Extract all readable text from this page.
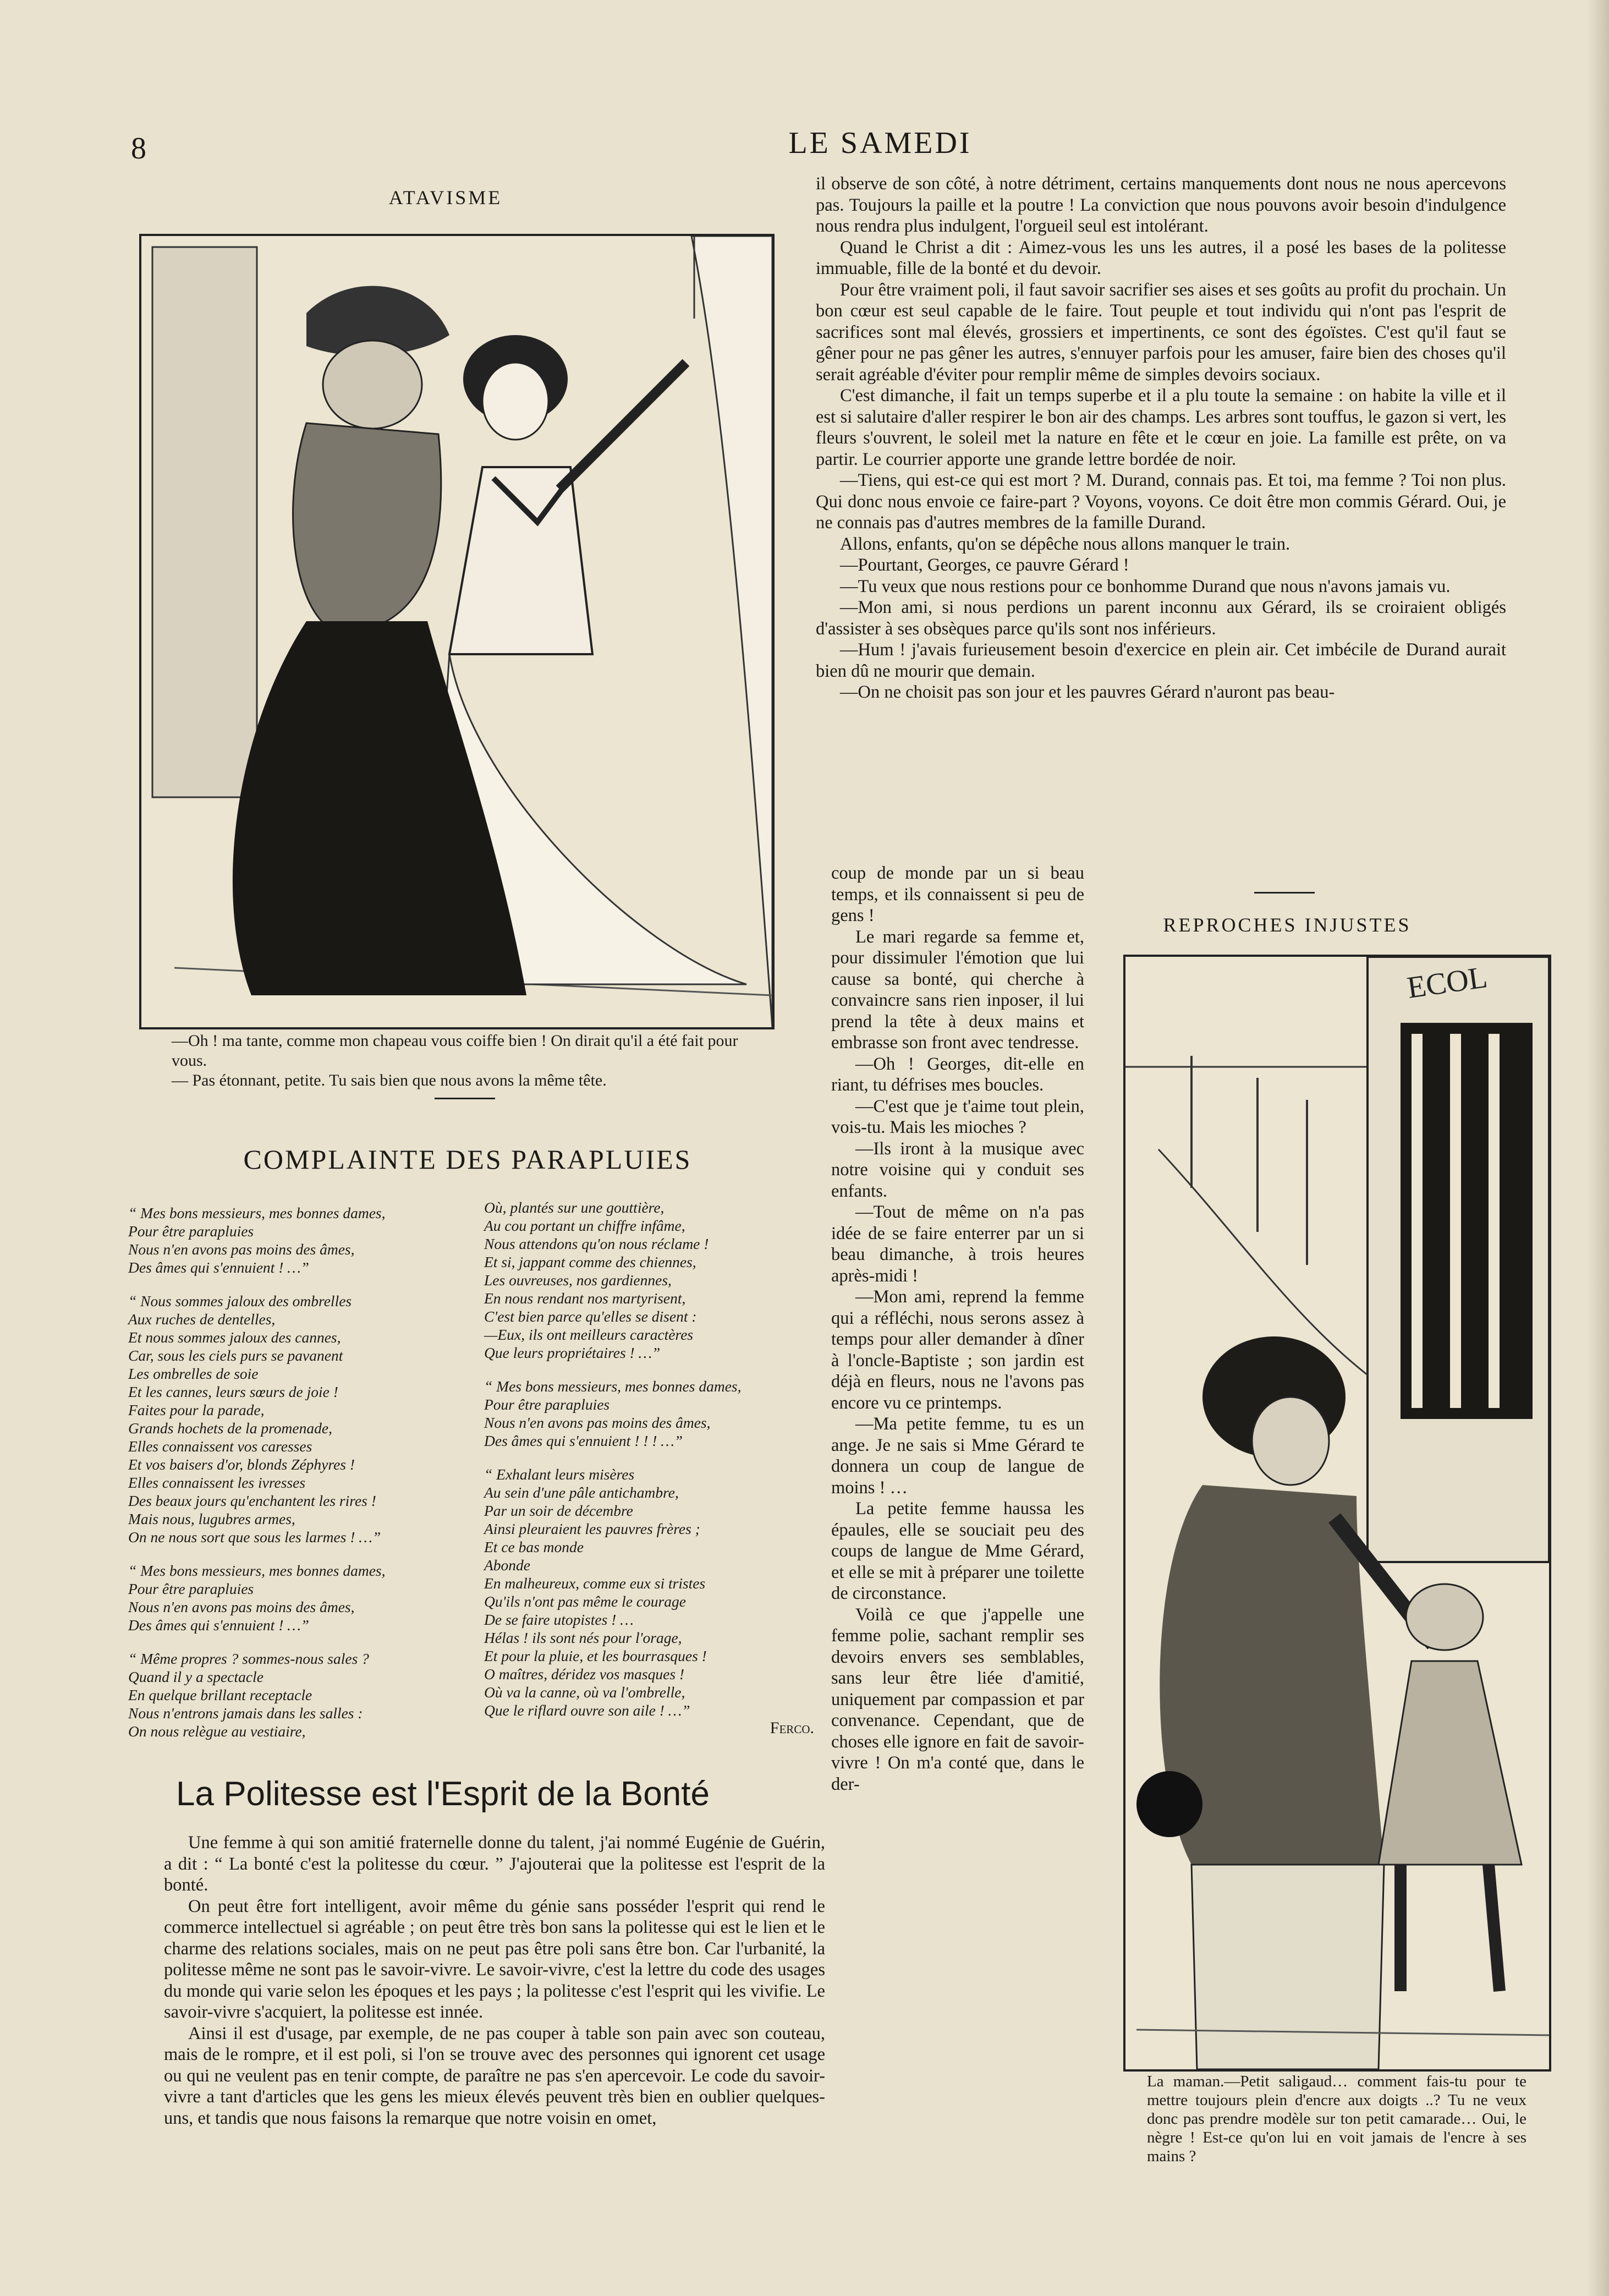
8	LE SAMEDI
ATAVISME
—Oh ! ma tante, comme mon chapeau vous coiffe bien ! On dirait qu'il a été fait pour vous.
— Pas étonnant, petite. Tu sais bien que nous avons la même tête.
COMPLAINTE DES PARAPLUIES
“ Mes bons messieurs, mes bonnes dames,
Pour être parapluies
Nous n'en avons pas moins des âmes,
Des âmes qui s'ennuient ! …”
“ Nous sommes jaloux des ombrelles
Aux ruches de dentelles,
Et nous sommes jaloux des cannes,
Car, sous les ciels purs se pavanent
Les ombrelles de soie
Et les cannes, leurs sœurs de joie !
Faites pour la parade,
Grands hochets de la promenade,
Elles connaissent vos caresses
Et vos baisers d'or, blonds Zéphyres !
Elles connaissent les ivresses
Des beaux jours qu'enchantent les rires !
Mais nous, lugubres armes,
On ne nous sort que sous les larmes ! …”
“ Mes bons messieurs, mes bonnes dames,
Pour être parapluies
Nous n'en avons pas moins des âmes,
Des âmes qui s'ennuient ! …”
“ Même propres ? sommes-nous sales ?
Quand il y a spectacle
En quelque brillant receptacle
Nous n'entrons jamais dans les salles :
On nous relègue au vestiaire,
Où, plantés sur une gouttière,
Au cou portant un chiffre infâme,
Nous attendons qu'on nous réclame !
Et si, jappant comme des chiennes,
Les ouvreuses, nos gardiennes,
En nous rendant nos martyrisent,
C'est bien parce qu'elles se disent :
—Eux, ils ont meilleurs caractères
Que leurs propriétaires ! …”
“ Mes bons messieurs, mes bonnes dames,
Pour être parapluies
Nous n'en avons pas moins des âmes,
Des âmes qui s'ennuient ! ! ! …”
“ Exhalant leurs misères
Au sein d'une pâle antichambre,
Par un soir de décembre
Ainsi pleuraient les pauvres frères ;
Et ce bas monde
Abonde
En malheureux, comme eux si tristes
Qu'ils n'ont pas même le courage
De se faire utopistes ! …
Hélas ! ils sont nés pour l'orage,
Et pour la pluie, et les bourrasques !
O maîtres, déridez vos masques !
Où va la canne, où va l'ombrelle,
Que le riflard ouvre son aile ! …”
Ferco.
La Politesse est l'Esprit de la Bonté

Une femme à qui son amitié fraternelle donne du talent, j'ai nommé Eugénie de Guérin, a dit : “ La bonté c'est la politesse du cœur. ” J'ajouterai que la politesse est l'esprit de la bonté.

On peut être fort intelligent, avoir même du génie sans posséder l'esprit qui rend le commerce intellectuel si agréable ; on peut être très bon sans la politesse qui est le lien et le charme des relations sociales, mais on ne peut pas être poli sans être bon. Car l'urbanité, la politesse même ne sont pas le savoir-vivre. Le savoir-vivre, c'est la lettre du code des usages du monde qui varie selon les époques et les pays ; la politesse c'est l'esprit qui les vivifie. Le savoir-vivre s'acquiert, la politesse est innée.

Ainsi il est d'usage, par exemple, de ne pas couper à table son pain avec son couteau, mais de le rompre, et il est poli, si l'on se trouve avec des personnes qui ignorent cet usage ou qui ne veulent pas en tenir compte, de paraître ne pas s'en apercevoir. Le code du savoir-vivre a tant d'articles que les gens les mieux élevés peuvent très bien en oublier quelques-uns, et tandis que nous faisons la remarque que notre voisin en omet,

il observe de son côté, à notre détriment, certains manquements dont nous ne nous apercevons pas. Toujours la paille et la poutre ! La conviction que nous pouvons avoir besoin d'indulgence nous rendra plus indulgent, l'orgueil seul est intolérant.

Quand le Christ a dit : Aimez-vous les uns les autres, il a posé les bases de la politesse immuable, fille de la bonté et du devoir.

Pour être vraiment poli, il faut savoir sacrifier ses aises et ses goûts au profit du prochain. Un bon cœur est seul capable de le faire. Tout peuple et tout individu qui n'ont pas l'esprit de sacrifices sont mal élevés, grossiers et impertinents, ce sont des égoïstes. C'est qu'il faut se gêner pour ne pas gêner les autres, s'ennuyer parfois pour les amuser, faire bien des choses qu'il serait agréable d'éviter pour remplir même de simples devoirs sociaux.

C'est dimanche, il fait un temps superbe et il a plu toute la semaine : on habite la ville et il est si salutaire d'aller respirer le bon air des champs. Les arbres sont touffus, le gazon si vert, les fleurs s'ouvrent, le soleil met la nature en fête et le cœur en joie. La famille est prête, on va partir. Le courrier apporte une grande lettre bordée de noir.

—Tiens, qui est-ce qui est mort ? M. Durand, connais pas. Et toi, ma femme ? Toi non plus. Qui donc nous envoie ce faire-part ? Voyons, voyons. Ce doit être mon commis Gérard. Oui, je ne connais pas d'autres membres de la famille Durand.

Allons, enfants, qu'on se dépêche nous allons manquer le train.

—Pourtant, Georges, ce pauvre Gérard !

—Tu veux que nous restions pour ce bonhomme Durand que nous n'avons jamais vu.

—Mon ami, si nous perdions un parent inconnu aux Gérard, ils se croiraient obligés d'assister à ses obsèques parce qu'ils sont nos inférieurs.

—Hum ! j'avais furieusement besoin d'exercice en plein air. Cet imbécile de Durand aurait bien dû ne mourir que demain.

—On ne choisit pas son jour et les pauvres Gérard n'auront pas beau-

coup de monde par un si beau temps, et ils connaissent si peu de gens !

Le mari regarde sa femme et, pour dissimuler l'émotion que lui cause sa bonté, qui cherche à convaincre sans rien inposer, il lui prend la tête à deux mains et embrasse son front avec tendresse.

—Oh ! Georges, dit-elle en riant, tu défrises mes boucles.

—C'est que je t'aime tout plein, vois-tu. Mais les mioches ?

—Ils iront à la musique avec notre voisine qui y conduit ses enfants.

—Tout de même on n'a pas idée de se faire enterrer par un si beau dimanche, à trois heures après-midi !

—Mon ami, reprend la femme qui a réfléchi, nous serons assez à temps pour aller demander à dîner à l'oncle-Baptiste ; son jardin est déjà en fleurs, nous ne l'avons pas encore vu ce printemps.

—Ma petite femme, tu es un ange. Je ne sais si Mme Gérard te donnera un coup de langue de moins ! …

La petite femme haussa les épaules, elle se souciait peu des coups de langue de Mme Gérard, et elle se mit à préparer une toilette de circonstance.

Voilà ce que j'appelle une femme polie, sachant remplir ses devoirs envers ses semblables, sans leur être liée d'amitié, uniquement par compassion et par convenance. Cependant, que de choses elle ignore en fait de savoir-vivre ! On m'a conté que, dans le der-

REPROCHES INJUSTES
ECOL
La maman.—Petit saligaud… comment fais-tu pour te mettre toujours plein d'encre aux doigts ..? Tu ne veux donc pas prendre modèle sur ton petit camarade… Oui, le nègre ! Est-ce qu'on lui en voit jamais de l'encre à ses mains ?
